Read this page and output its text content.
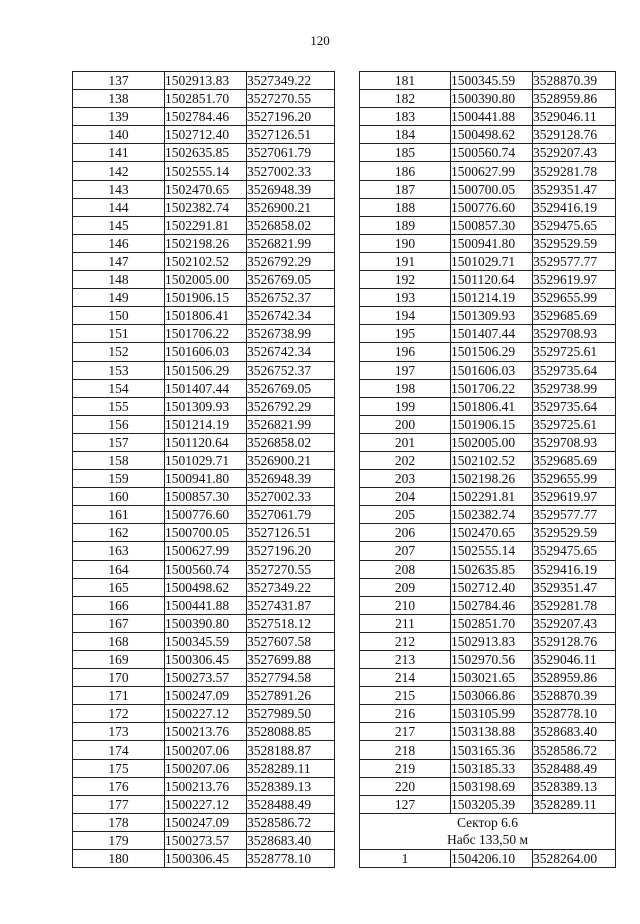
120
137	1502913.83	3527349.22
138	1502851.70	3527270.55
139	1502784.46	3527196.20
140	1502712.40	3527126.51
141	1502635.85	3527061.79
142	1502555.14	3527002.33
143	1502470.65	3526948.39
144	1502382.74	3526900.21
145	1502291.81	3526858.02
146	1502198.26	3526821.99
147	1502102.52	3526792.29
148	1502005.00	3526769.05
149	1501906.15	3526752.37
150	1501806.41	3526742.34
151	1501706.22	3526738.99
152	1501606.03	3526742.34
153	1501506.29	3526752.37
154	1501407.44	3526769.05
155	1501309.93	3526792.29
156	1501214.19	3526821.99
157	1501120.64	3526858.02
158	1501029.71	3526900.21
159	1500941.80	3526948.39
160	1500857.30	3527002.33
161	1500776.60	3527061.79
162	1500700.05	3527126.51
163	1500627.99	3527196.20
164	1500560.74	3527270.55
165	1500498.62	3527349.22
166	1500441.88	3527431.87
167	1500390.80	3527518.12
168	1500345.59	3527607.58
169	1500306.45	3527699.88
170	1500273.57	3527794.58
171	1500247.09	3527891.26
172	1500227.12	3527989.50
173	1500213.76	3528088.85
174	1500207.06	3528188.87
175	1500207.06	3528289.11
176	1500213.76	3528389.13
177	1500227.12	3528488.49
178	1500247.09	3528586.72
179	1500273.57	3528683.40
180	1500306.45	3528778.10
181	1500345.59	3528870.39
182	1500390.80	3528959.86
183	1500441.88	3529046.11
184	1500498.62	3529128.76
185	1500560.74	3529207.43
186	1500627.99	3529281.78
187	1500700.05	3529351.47
188	1500776.60	3529416.19
189	1500857.30	3529475.65
190	1500941.80	3529529.59
191	1501029.71	3529577.77
192	1501120.64	3529619.97
193	1501214.19	3529655.99
194	1501309.93	3529685.69
195	1501407.44	3529708.93
196	1501506.29	3529725.61
197	1501606.03	3529735.64
198	1501706.22	3529738.99
199	1501806.41	3529735.64
200	1501906.15	3529725.61
201	1502005.00	3529708.93
202	1502102.52	3529685.69
203	1502198.26	3529655.99
204	1502291.81	3529619.97
205	1502382.74	3529577.77
206	1502470.65	3529529.59
207	1502555.14	3529475.65
208	1502635.85	3529416.19
209	1502712.40	3529351.47
210	1502784.46	3529281.78
211	1502851.70	3529207.43
212	1502913.83	3529128.76
213	1502970.56	3529046.11
214	1503021.65	3528959.86
215	1503066.86	3528870.39
216	1503105.99	3528778.10
217	1503138.88	3528683.40
218	1503165.36	3528586.72
219	1503185.33	3528488.49
220	1503198.69	3528389.13
127	1503205.39	3528289.11

Сектор 6.6
Набс 133,50 м		

1	1504206.10	3528264.00
